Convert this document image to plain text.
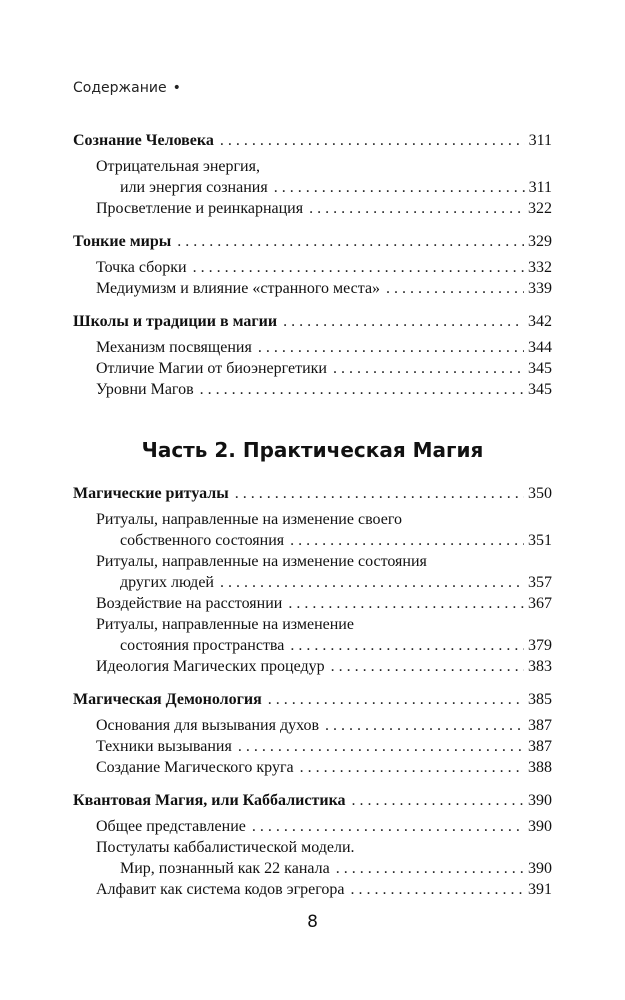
Содержание •
Сознание Человека . . .	311
Отрицательная энергия,
или энергия сознания . . .	311
Просветление и реинкарнация . . .	322
Тонкие миры . . .	329
Точка сборки . . .	332
Медиумизм и влияние «странного места» . . .	339
Школы и традиции в магии . . .	342
Механизм посвящения . . .	344
Отличие Магии от биоэнергетики . . .	345
Уровни Магов . . .	345
Часть 2. Практическая Магия
Магические ритуалы . . .	350
Ритуалы, направленные на изменение своего
собственного состояния . . .	351
Ритуалы, направленные на изменение состояния
других людей . . .	357
Воздействие на расстоянии . . .	367
Ритуалы, направленные на изменение
состояния пространства . . .	379
Идеология Магических процедур . . .	383
Магическая Демонология . . .	385
Основания для вызывания духов . . .	387
Техники вызывания . . .	387
Создание Магического круга . . .	388
Квантовая Магия, или Каббалистика . . .	390
Общее представление . . .	390
Постулаты каббалистической модели.
Мир, познанный как 22 канала . . .	390
Алфавит как система кодов эгрегора . . .	391
8
